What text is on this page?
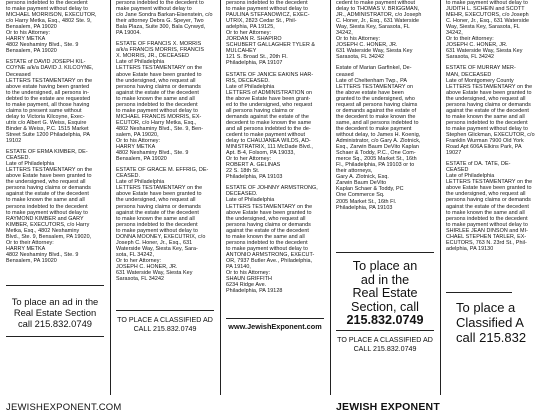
persons indebted to the decedent
to make payment without delay to
MICHAEL MORRISON, EXECUTOR,
c/o Harry Metka, Esq., 4802 Ste. 9,
Bensalem, PA 19020
Or to his Attorney:
HARRY METKA
4802 Neshaminy Blvd., Ste. 9
Bensalem, PA 19020
ESTATE of DAVID JOSEPH KIL-
COYNE a/k/a DAVID J. KILCOYNE,
Deceased
LETTERS TESTAMENTARY on the
above estate having been granted
to the undersigned, all persons in-
debted to the estate are requested
to make payment, all those having
claims to present same without
delay to Victoria Kilcoyne, Exec-
utrix c/o Albert G. Weiss, Esquire
Binder & Weiss, P.C. 1515 Market
Street Suite 1200 Philadelphia, PA
19102
ESTATE OF ERMA KIMBER, DE-
CEASED.
Late of Philadelphia
LETTERS TESTAMENTARY on the
above Estate have been granted to
the undersigned, who request all
persons having claims or demands
against the estate of the decedent
to make known the same and all
persons indebted to the decedent
to make payment without delay to
RAYMOND KIMBER and GARY
KIMBER, EXECUTORS, c/o Harry
Metka, Esq., 4802 Neshaminy
Blvd., Ste. 9, Bensalem, PA 19020,
Or to their Attorney:
HARRY METKA
4802 Neshaminy Blvd., Ste. 9
Bensalem, PA 19020
To place an ad in the
Real Estate Section
call 215.832.0749
persons indebted to the decedent to
make payment without delay to
c/o Jane Sondra Barkan-Eisenstein, c/o
their attorney Debra G. Speyer, Two
Bala Plaza, Suite 300, Bala Cynwyd,
PA 19004.
ESTATE OF FRANCIS X. MORRIS
a/k/a FRANCIS MORRIS, FRANCIS
X. MORRIS, JR., DECEASED
Late of Philadelphia
LETTERS TESTAMENTARY on the
above Estate have been granted to
the undersigned, who request all
persons having claims or demands
against the estate of the decedent
to make known the same and all
persons indebted to the decedent
to make payment without delay to
MICHAEL FRANCIS MORRIS, EX-
ECUTOR, c/o Harry Metka, Esq.,
4802 Neshaminy Blvd., Ste. 9, Ben-
salem, PA 19020,
Or to his Attorney:
HARRY METKA
4802 Neshaminy Blvd., Ste. 9
Bensalem, PA 19020
ESTATE OF GRACE M. EFFRIG, DE-
CEASED.
Late of Philadelphia
LETTERS TESTAMENTARY on the
above Estate have been granted to
the undersigned, who request all
persons having claims or demands
against the estate of the decedent
to make known the same and all
persons indebted to the decedent
to make payment without delay to
DONNA MOONEY, EXECUTRIX, c/o
Joseph C. Honer, Jr., Esq., 631
Waterside Way, Siesta Key, Sara-
sota, FL 34242,
Or to her Attorney:
JOSEPH C. HONER, JR.
631 Waterside Way, Siesta Key
Sarasota, FL 34242
TO PLACE A CLASSIFIED AD
CALL 215.832.0749
persons indebted to the decedent
to make payment without delay to
PAULINA STEFANOWICZ, EXEC-
UTRIX, 2823 Cedar St., Phil-
adelphia, PA 19125,
Or to her Attorney:
JORDAN R. SHAPIRO
SCHUBERT GALLAGHER TYLER &
MULCAHEY
121 S. Broad St., 20th Fl.
Philadelphia, PA 19107
ESTATE OF JANICE EAKINS HAR-
RIS, DECEASED.
Late of Philadelphia
LETTERS of ADMINISTRATION on
the above Estate have been grant-
ed to the undersigned, who request
all persons having claims or
demands against the estate of the
decedent to make known the same
and all persons indebted to the de-
cedent to make payment without
delay to CHAUJANEA WILDS, AD-
MINISTRATRIX, 111 McDade Blvd.,
Apt. B-4, Folsom, PA 19033,
Or to her Attorney:
ROBERT A. GELINAS
22 S. 18th St.
Philadelphia, PA 19103
ESTATE OF JOHNNY ARMSTRONG,
DECEASED.
Late of Philadelphia
LETTERS TESTAMENTARY on the
above Estate have been granted to
the undersigned, who request all
persons having claims or demands
against the estate of the decedent
to make known the same and all
persons indebted to the decedent
to make payment without delay to
ANTONIO ARMSTRONG, EXECUT-
OR, 7937 Butler Ave., Philadelphia,
PA 19140,
Or to his Attorney:
SHAUN GRIFFITH
6234 Ridge Ave.
Philadelphia, PA 19128
www.JewishExponent.com
cedent to make payment without
delay to THOMAS V. BRIGGMAN,
JR., ADMINISTRATOR, c/o Joseph
C. Honer, Jr., Esq., 631 Waterside
Way, Siesta Key, Sarasota, FL
34242,
Or to his Attorney:
JOSEPH C. HONER, JR.
631 Waterside Way, Siesta Key
Sarasota, FL 34242
Estate of Marian Garfinkel, De-
ceased
Late of Cheltenham Twp., PA
LETTERS TESTAMENTARY on
the above estate have been
granted to the undersigned, who
request all persons having claims
or demands against the estate of
the decedent to make known the
same, and all persons indebted to
the decedent to make payment
without delay, to James H. Koenig,
Administrator, c/o Gary A. Zlotnick,
Esq., Zarwin Baum DeVito Kaplan
Schaer & Toddy, P.C., One Com-
merce Sq., 2005 Market St., 16th
Fl., Philadelphia, PA 19103 or to
their attorneys,
Gary A. Zlotnick, Esq.
Zarwin Baum DeVito
Kaplan Schaer & Toddy, PC
One Commerce Sq.
2005 Market St., 16th Fl.
Philadelphia, PA 19103
To place an
ad in the
Real Estate
Section, call
215.832.0749
TO PLACE A CLASSIFIED AD
CALL 215.832.0749
to make payment without delay to
JUDITH L. SCHEIN and SCOTT
MEHR, EXECUTORS, c/o Joseph
C. Honer, Jr., Esq., 631 Waterside
Way, Siesta Key, Sarasota, FL
34242,
Or to their Attorney:
JOSEPH C. HONER, JR.
631 Waterside Way, Siesta Key
Sarasota, FL 34242
ESTATE OF MURRAY MER-
MAN, DECEASED
Late of Montgomery County
LETTERS TESTAMENTARY on the
above Estate have been granted to
the undersigned, who request all
persons having claims or demands
against the estate of the decedent
to make known the same and all
persons indebted to the decedent
to make payment without delay to
Stephen Glickman, EXECUTOR, c/o
Franklin Wurman 7900 Old York
Road Apt 606A Elkins Park, PA
19027
ESTATE of DA. TATE, DE-
CEASED
Late of Philadelphia
LETTERS TESTAMENTARY on the
above Estate have been granted to
the undersigned, who request all
persons having claims or demands
against the estate of the decedent
to make known the same and all
persons indebted to the decedent
to make payment without delay to
SHIRLEE JEAN DINSON and MI-
CHAEL STEPHEN TARLER, EX-
ECUTORS, 763 N. 23rd St., Phil-
adelphia, PA 19130
To place a
Classified A
call 215.832
JEWISHEXPONENT.COM	JEWISH EXPONENT
